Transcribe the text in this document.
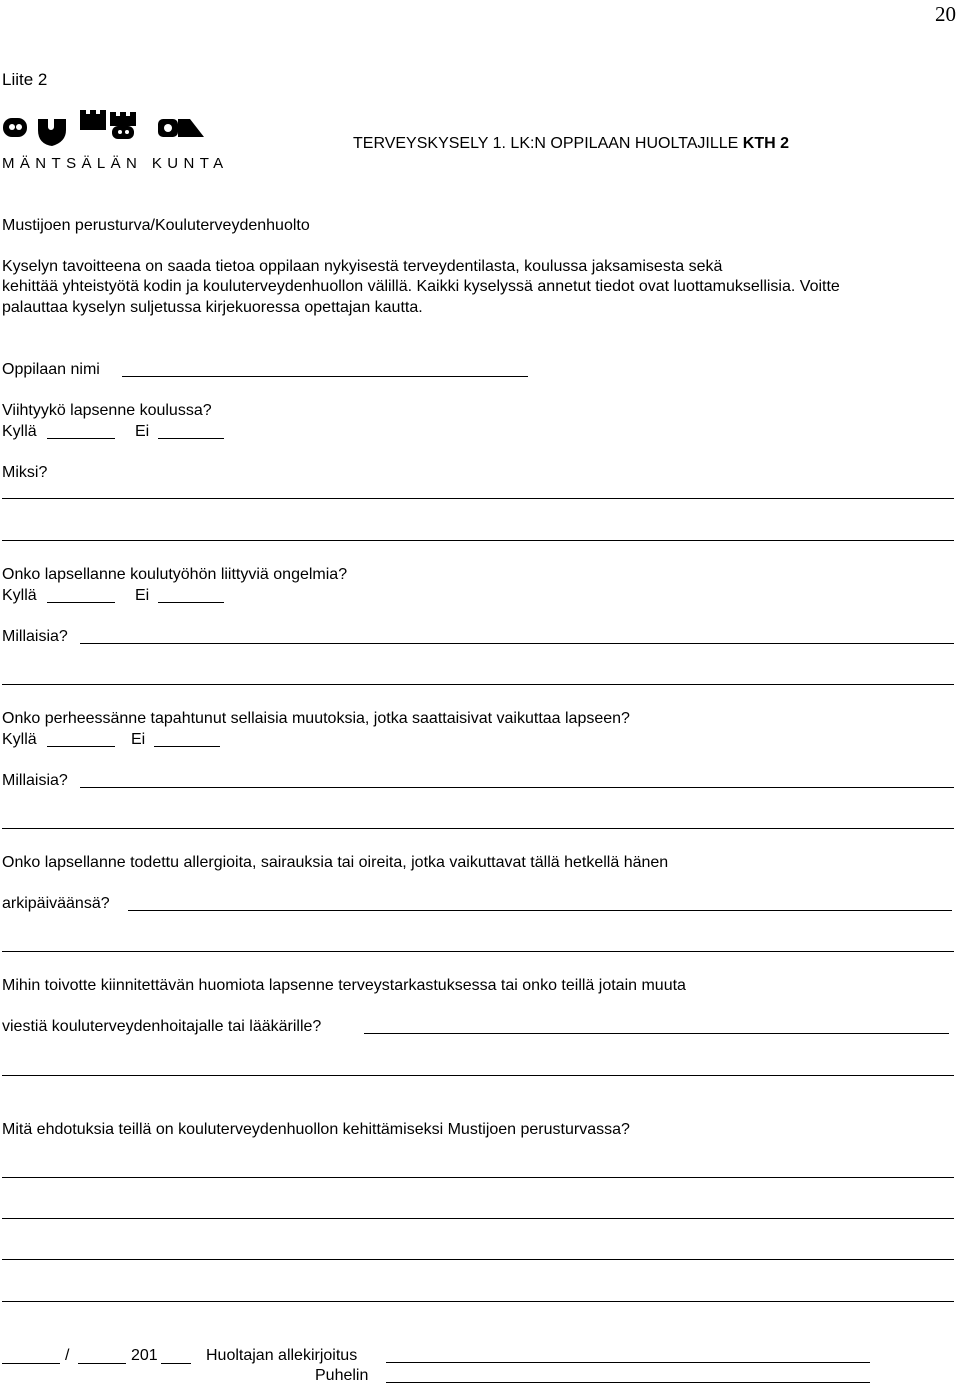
20
Liite 2
MÄNTSÄLÄN KUNTA
TERVEYSKYSELY 1. LK:N OPPILAAN HUOLTAJILLE KTH 2
Mustijoen perusturva/Kouluterveydenhuolto
Kyselyn tavoitteena on saada tietoa oppilaan nykyisestä terveydentilasta, koulussa jaksamisesta sekä
kehittää yhteistyötä kodin ja kouluterveydenhuollon välillä. Kaikki kyselyssä annetut tiedot ovat luottamuksellisia. Voitte
palauttaa kyselyn suljetussa kirjekuoressa opettajan kautta.
Oppilaan nimi
Viihtyykö lapsenne koulussa?
Kyllä	Ei
Miksi?
Onko lapsellanne koulutyöhön liittyviä ongelmia?
Kyllä	Ei
Millaisia?
Onko perheessänne tapahtunut sellaisia muutoksia, jotka saattaisivat vaikuttaa lapseen?
Kyllä	Ei
Millaisia?
Onko lapsellanne todettu allergioita, sairauksia tai oireita, jotka vaikuttavat tällä hetkellä hänen
arkipäiväänsä?
Mihin toivotte kiinnitettävän huomiota lapsenne terveystarkastuksessa tai onko teillä jotain muuta
viestiä kouluterveydenhoitajalle tai lääkärille?
Mitä ehdotuksia teillä on kouluterveydenhuollon kehittämiseksi Mustijoen perusturvassa?
/	201	Huoltajan allekirjoitus
Puhelin
